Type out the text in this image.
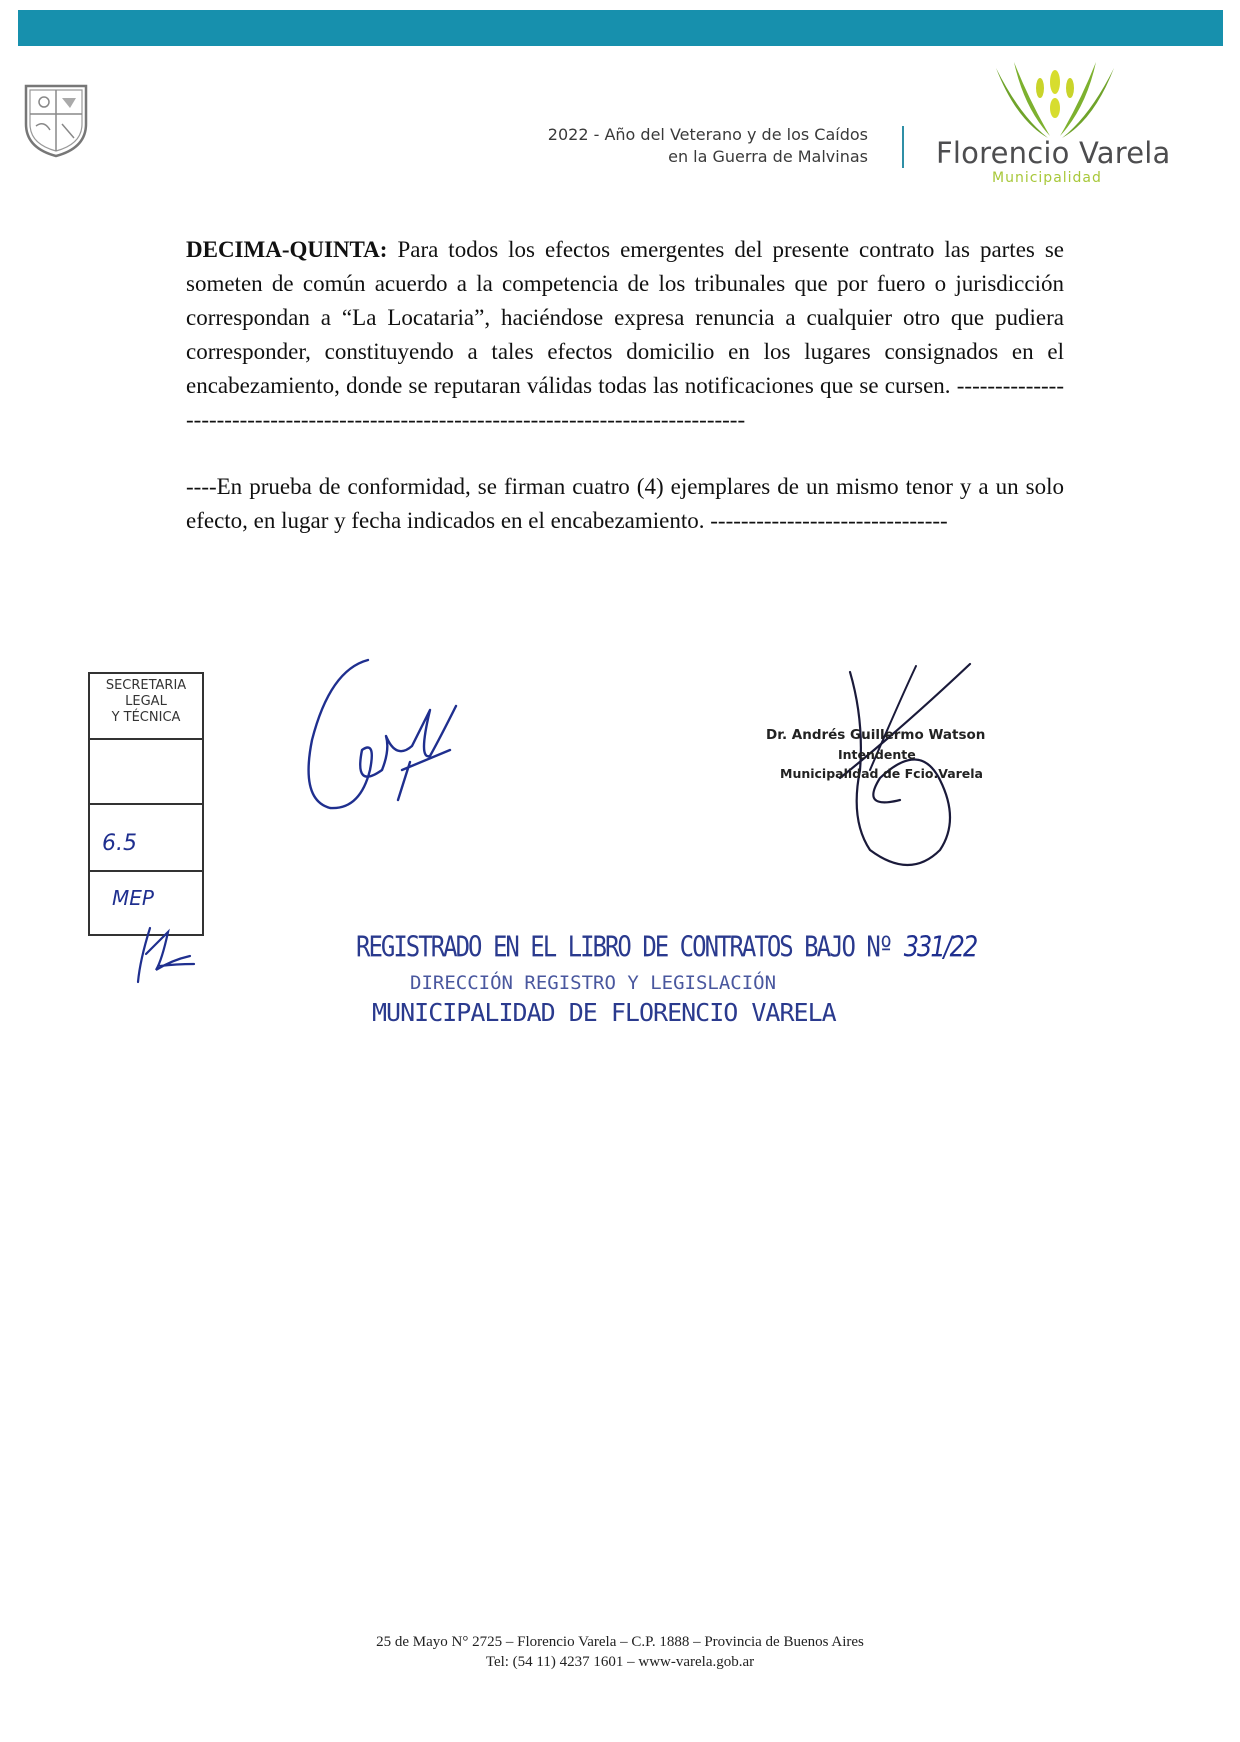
2022 - Año del Veterano y de los Caídos
en la Guerra de Malvinas Florencio Varela
Municipalidad
DECIMA-QUINTA: Para todos los efectos emergentes del presente contrato las partes se someten de común acuerdo a la competencia de los tribunales que por fuero o jurisdicción correspondan a “La Locataria”, haciéndose expresa renuncia a cualquier otro que pudiera corresponder, constituyendo a tales efectos domicilio en los lugares consignados en el encabezamiento, donde se reputaran válidas todas las notificaciones que se cursen. ---------------------------------------------------------------------------------------
----En prueba de conformidad, se firman cuatro (4) ejemplares de un mismo tenor y a un solo efecto, en lugar y fecha indicados en el encabezamiento. -------------------------------
SECRETARIA
LEGAL
Y TÉCNICA
6.5
MEP
Dr. Andrés Guillermo Watson
Intendente
Municipalidad de Fcio.Varela
REGISTRADO EN EL LIBRO DE CONTRATOS BAJO Nº 331/22
DIRECCIÓN REGISTRO Y LEGISLACIÓN
MUNICIPALIDAD DE FLORENCIO VARELA
25 de Mayo N° 2725 – Florencio Varela – C.P. 1888 – Provincia de Buenos Aires
Tel: (54 11) 4237 1601 – www-varela.gob.ar
